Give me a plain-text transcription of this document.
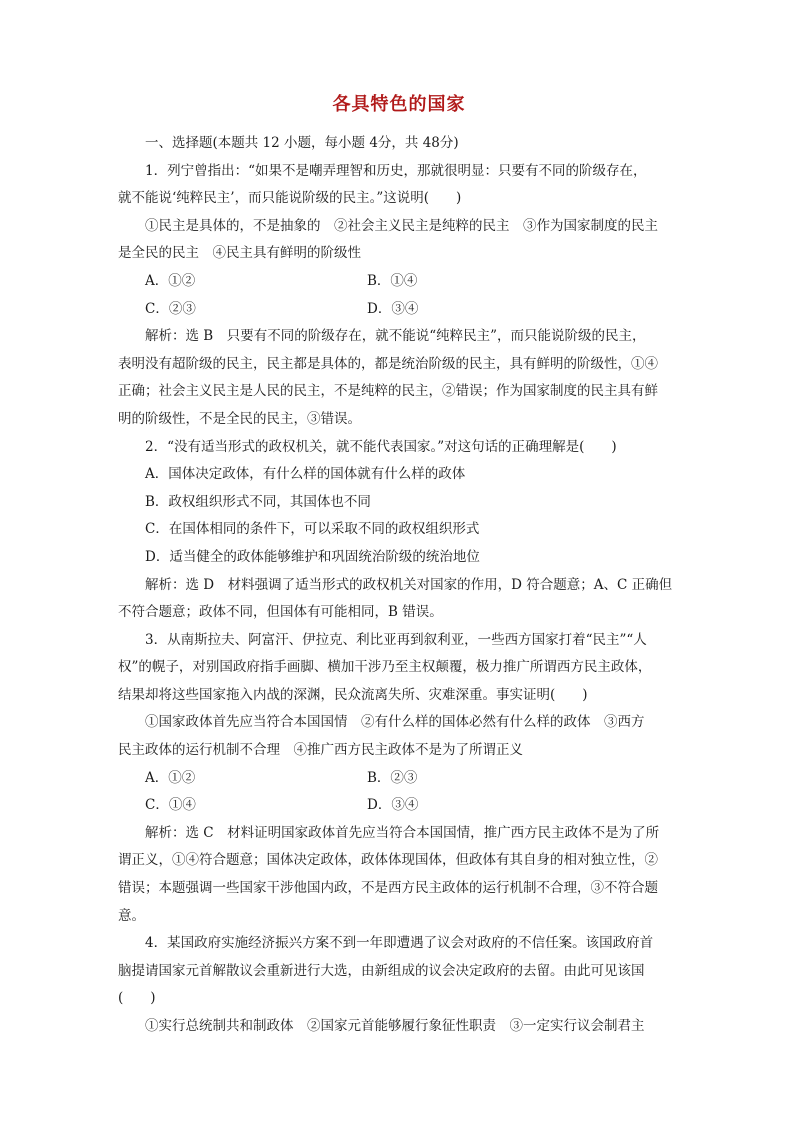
各具特色的国家
一、选择题(本题共 12 小题，每小题 4分，共 48分)
1．列宁曾指出：“如果不是嘲弄理智和历史，那就很明显：只要有不同的阶级存在，
就不能说‘纯粹民主’，而只能说阶级的民主。”这说明(　　)
①民主是具体的，不是抽象的　②社会主义民主是纯粹的民主　③作为国家制度的民主
是全民的民主　④民主具有鲜明的阶级性
A．①②	B．①④
C．②③	D．③④
解析：选 B　只要有不同的阶级存在，就不能说“纯粹民主”，而只能说阶级的民主，
表明没有超阶级的民主，民主都是具体的，都是统治阶级的民主，具有鲜明的阶级性，①④
正确；社会主义民主是人民的民主，不是纯粹的民主，②错误；作为国家制度的民主具有鲜
明的阶级性，不是全民的民主，③错误。
2．“没有适当形式的政权机关，就不能代表国家。”对这句话的正确理解是(　　)
A．国体决定政体，有什么样的国体就有什么样的政体
B．政权组织形式不同，其国体也不同
C．在国体相同的条件下，可以采取不同的政权组织形式
D．适当健全的政体能够维护和巩固统治阶级的统治地位
解析：选 D　材料强调了适当形式的政权机关对国家的作用，D 符合题意；A、C 正确但
不符合题意；政体不同，但国体有可能相同，B 错误。
3．从南斯拉夫、阿富汗、伊拉克、利比亚再到叙利亚，一些西方国家打着“民主”“人
权”的幌子，对别国政府指手画脚、横加干涉乃至主权颠覆，极力推广所谓西方民主政体，
结果却将这些国家拖入内战的深渊，民众流离失所、灾难深重。事实证明(　　)
①国家政体首先应当符合本国国情　②有什么样的国体必然有什么样的政体　③西方
民主政体的运行机制不合理　④推广西方民主政体不是为了所谓正义
A．①②	B．②③
C．①④	D．③④
解析：选 C　材料证明国家政体首先应当符合本国国情，推广西方民主政体不是为了所
谓正义，①④符合题意；国体决定政体，政体体现国体，但政体有其自身的相对独立性，②
错误；本题强调一些国家干涉他国内政，不是西方民主政体的运行机制不合理，③不符合题
意。
4．某国政府实施经济振兴方案不到一年即遭遇了议会对政府的不信任案。该国政府首
脑提请国家元首解散议会重新进行大选，由新组成的议会决定政府的去留。由此可见该国
(　　)
①实行总统制共和制政体　②国家元首能够履行象征性职责　③一定实行议会制君主
